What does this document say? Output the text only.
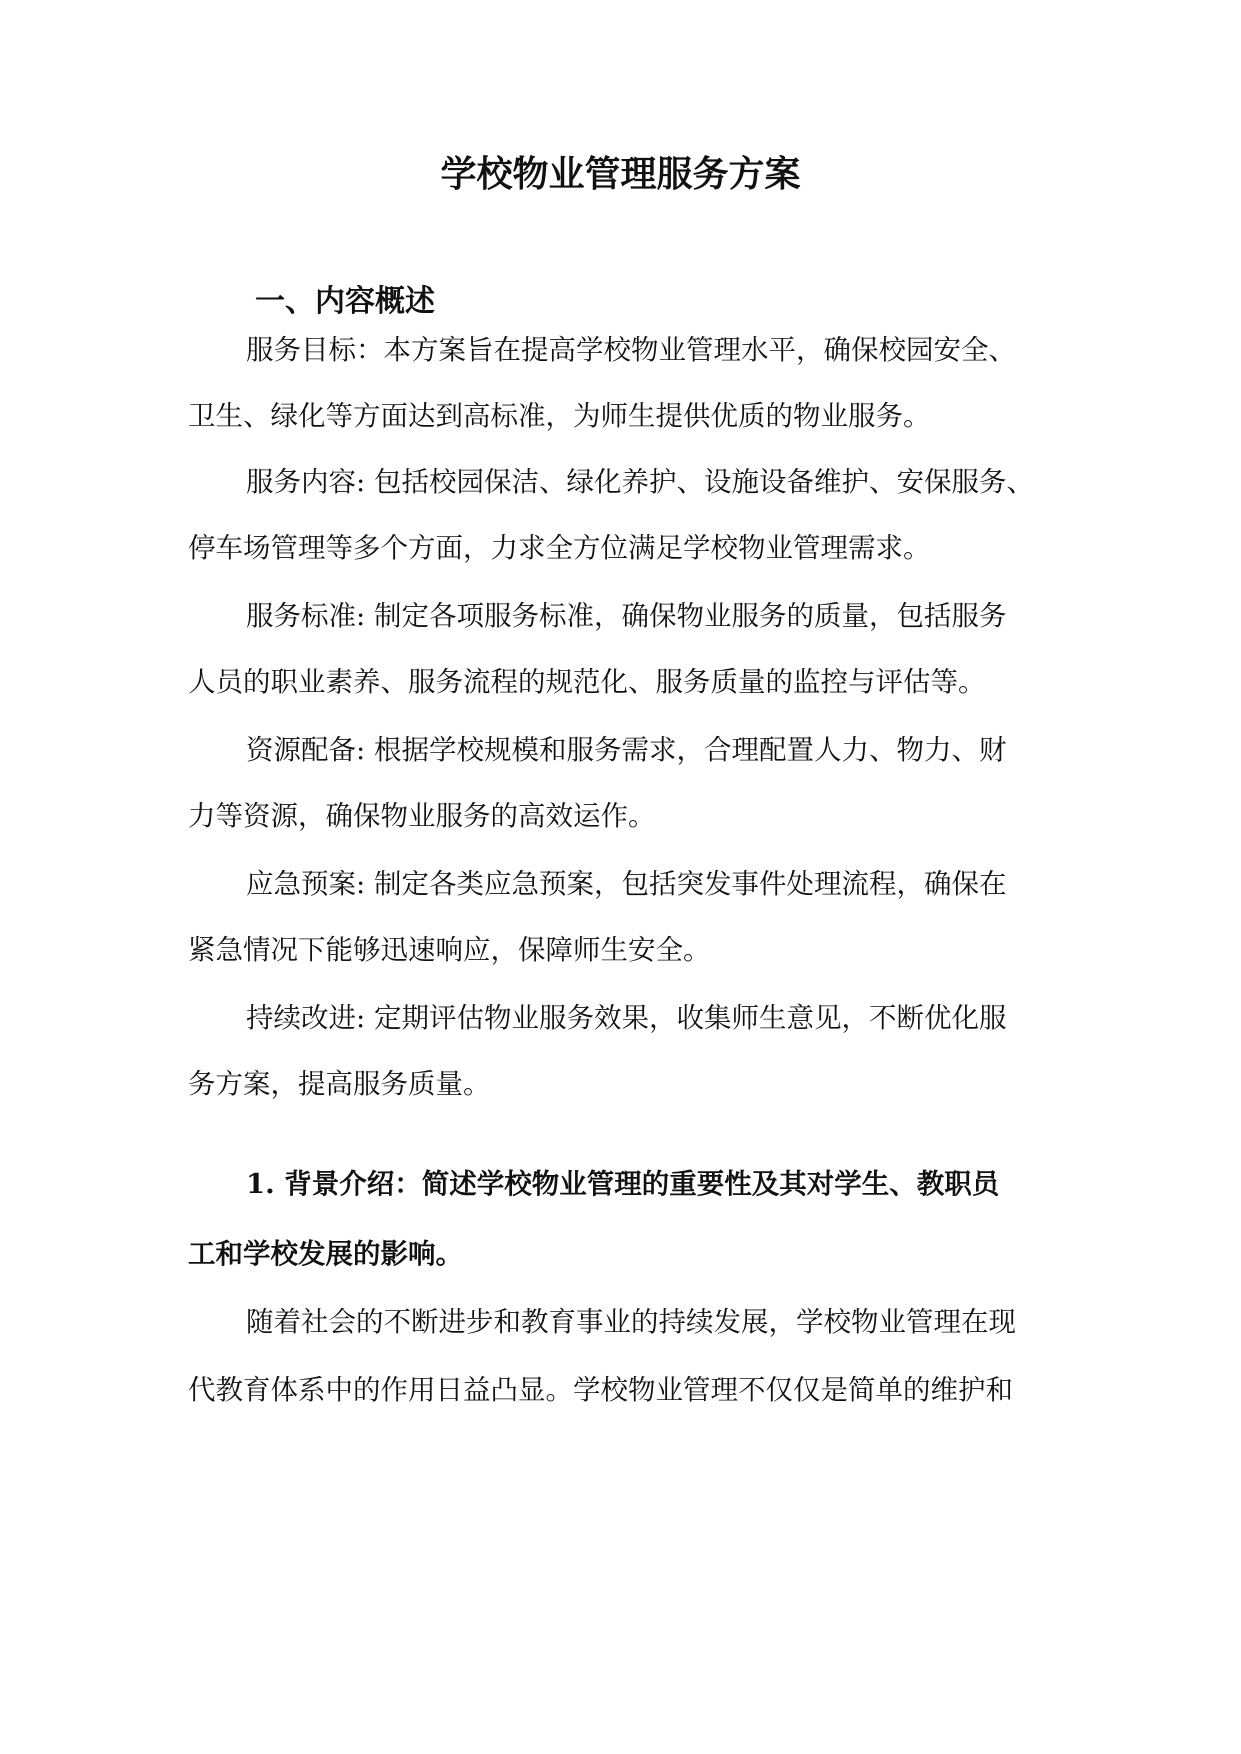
学校物业管理服务方案
一、内容概述
服务目标：本方案旨在提高学校物业管理水平，确保校园安全、
卫生、绿化等方面达到高标准，为师生提供优质的物业服务。
服务内容: 包括校园保洁、绿化养护、设施设备维护、安保服务、
停车场管理等多个方面，力求全方位满足学校物业管理需求。
服务标准: 制定各项服务标准，确保物业服务的质量，包括服务
人员的职业素养、服务流程的规范化、服务质量的监控与评估等。
资源配备: 根据学校规模和服务需求，合理配置人力、物力、财
力等资源，确保物业服务的高效运作。
应急预案: 制定各类应急预案，包括突发事件处理流程，确保在
紧急情况下能够迅速响应，保障师生安全。
持续改进: 定期评估物业服务效果，收集师生意见，不断优化服
务方案，提高服务质量。
1. 背景介绍：简述学校物业管理的重要性及其对学生、教职员
工和学校发展的影响。
随着社会的不断进步和教育事业的持续发展，学校物业管理在现
代教育体系中的作用日益凸显。学校物业管理不仅仅是简单的维护和
